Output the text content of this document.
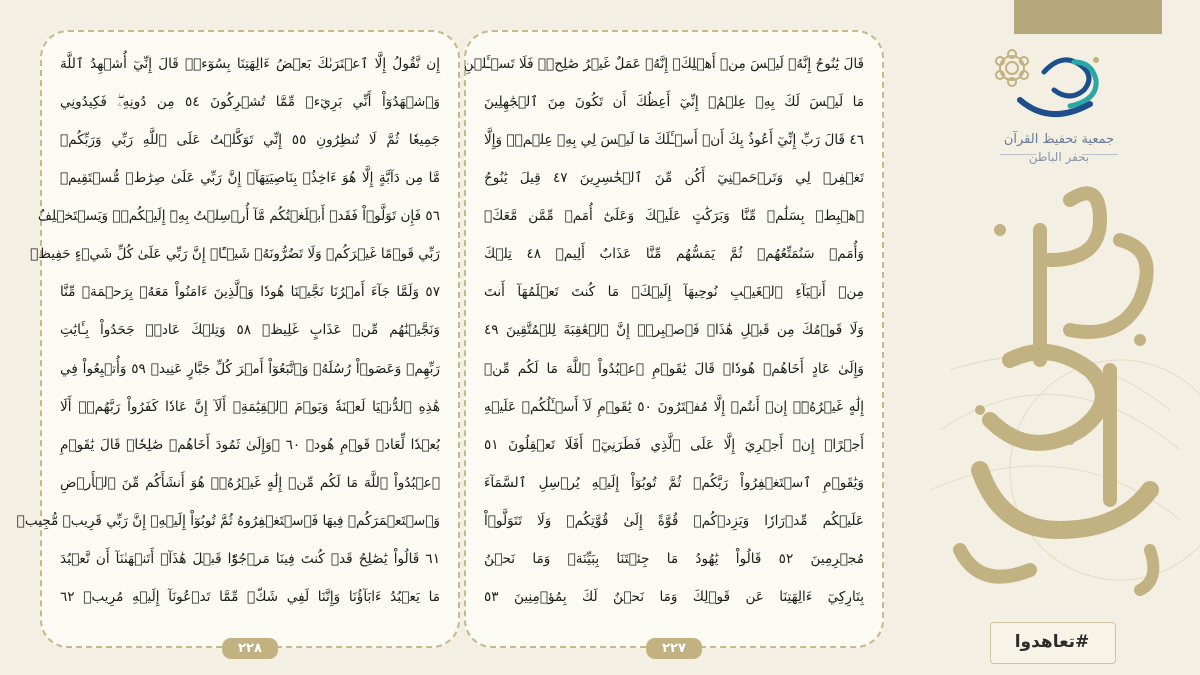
قَالَ يَٰنُوحُ إِنَّهُۥ لَيۡسَ مِنۡ أَهۡلِكَۖ إِنَّهُۥ عَمَلٌ غَيۡرُ صَٰلِحٖۖ فَلَا تَسۡـَٔلۡنِ
مَا لَيۡسَ لَكَ بِهِۦ عِلۡمٌۖ إِنِّيٓ أَعِظُكَ أَن تَكُونَ مِنَ ٱلۡجَٰهِلِينَ
٤٦ قَالَ رَبِّ إِنِّيٓ أَعُوذُ بِكَ أَنۡ أَسۡـَٔلَكَ مَا لَيۡسَ لِي بِهِۦ عِلۡمٞۖ وَإِلَّا
تَغۡفِرۡ لِي وَتَرۡحَمۡنِيٓ أَكُن مِّنَ ٱلۡخَٰسِرِينَ ٤٧ قِيلَ يَٰنُوحُ
ٱهۡبِطۡ بِسَلَٰمٖ مِّنَّا وَبَرَكَٰتٍ عَلَيۡكَ وَعَلَىٰٓ أُمَمٖ مِّمَّن مَّعَكَۚ
وَأُمَمٞ سَنُمَتِّعُهُمۡ ثُمَّ يَمَسُّهُم مِّنَّا عَذَابٌ أَلِيمٞ ٤٨ تِلۡكَ
مِنۡ أَنۢبَآءِ ٱلۡغَيۡبِ نُوحِيهَآ إِلَيۡكَۖ مَا كُنتَ تَعۡلَمُهَآ أَنتَ
وَلَا قَوۡمُكَ مِن قَبۡلِ هَٰذَاۖ فَٱصۡبِرۡۖ إِنَّ ٱلۡعَٰقِبَةَ لِلۡمُتَّقِينَ ٤٩
وَإِلَىٰ عَادٍ أَخَاهُمۡ هُودٗاۚ قَالَ يَٰقَوۡمِ ٱعۡبُدُواْ ٱللَّهَ مَا لَكُم مِّنۡ
إِلَٰهٍ غَيۡرُهُۥٓۖ إِنۡ أَنتُمۡ إِلَّا مُفۡتَرُونَ ٥٠ يَٰقَوۡمِ لَآ أَسۡـَٔلُكُمۡ عَلَيۡهِ
أَجۡرًاۖ إِنۡ أَجۡرِيَ إِلَّا عَلَى ٱلَّذِي فَطَرَنِيٓۚ أَفَلَا تَعۡقِلُونَ ٥١
وَيَٰقَوۡمِ ٱسۡتَغۡفِرُواْ رَبَّكُمۡ ثُمَّ تُوبُوٓاْ إِلَيۡهِ يُرۡسِلِ ٱلسَّمَآءَ
عَلَيۡكُم مِّدۡرَارٗا وَيَزِدۡكُمۡ قُوَّةً إِلَىٰ قُوَّتِكُمۡ وَلَا تَتَوَلَّوۡاْ
مُجۡرِمِينَ ٥٢ قَالُواْ يَٰهُودُ مَا جِئۡتَنَا بِبَيِّنَةٖ وَمَا نَحۡنُ
بِتَارِكِيٓ ءَالِهَتِنَا عَن قَوۡلِكَ وَمَا نَحۡنُ لَكَ بِمُؤۡمِنِينَ ٥٣
٢٢٧
إِن نَّقُولُ إِلَّا ٱعۡتَرَىٰكَ بَعۡضُ ءَالِهَتِنَا بِسُوٓءٖۗ قَالَ إِنِّيٓ أُشۡهِدُ ٱللَّهَ
وَٱشۡهَدُوٓاْ أَنِّي بَرِيٓءٞ مِّمَّا تُشۡرِكُونَ ٥٤ مِن دُونِهِۦۖ فَكِيدُونِي
جَمِيعٗا ثُمَّ لَا تُنظِرُونِ ٥٥ إِنِّي تَوَكَّلۡتُ عَلَى ٱللَّهِ رَبِّي وَرَبِّكُمۚ
مَّا مِن دَآبَّةٍ إِلَّا هُوَ ءَاخِذُۢ بِنَاصِيَتِهَآۚ إِنَّ رَبِّي عَلَىٰ صِرَٰطٖ مُّسۡتَقِيمٖ
٥٦ فَإِن تَوَلَّوۡاْ فَقَدۡ أَبۡلَغۡتُكُم مَّآ أُرۡسِلۡتُ بِهِۦٓ إِلَيۡكُمۡۚ وَيَسۡتَخۡلِفُ
رَبِّي قَوۡمًا غَيۡرَكُمۡ وَلَا تَضُرُّونَهُۥ شَيۡـًٔاۚ إِنَّ رَبِّي عَلَىٰ كُلِّ شَيۡءٍ حَفِيظٞ
٥٧ وَلَمَّا جَآءَ أَمۡرُنَا نَجَّيۡنَا هُودٗا وَٱلَّذِينَ ءَامَنُواْ مَعَهُۥ بِرَحۡمَةٖ مِّنَّا
وَنَجَّيۡنَٰهُم مِّنۡ عَذَابٍ غَلِيظٖ ٥٨ وَتِلۡكَ عَادٞۖ جَحَدُواْ بِـَٔايَٰتِ
رَبِّهِمۡ وَعَصَوۡاْ رُسُلَهُۥ وَٱتَّبَعُوٓاْ أَمۡرَ كُلِّ جَبَّارٍ عَنِيدٖ ٥٩ وَأُتۡبِعُواْ فِي
هَٰذِهِ ٱلدُّنۡيَا لَعۡنَةٗ وَيَوۡمَ ٱلۡقِيَٰمَةِۗ أَلَآ إِنَّ عَادٗا كَفَرُواْ رَبَّهُمۡۗ أَلَا
بُعۡدٗا لِّعَادٖ قَوۡمِ هُودٖ ٦٠ ۞وَإِلَىٰ ثَمُودَ أَخَاهُمۡ صَٰلِحٗاۚ قَالَ يَٰقَوۡمِ
ٱعۡبُدُواْ ٱللَّهَ مَا لَكُم مِّنۡ إِلَٰهٍ غَيۡرُهُۥۖ هُوَ أَنشَأَكُم مِّنَ ٱلۡأَرۡضِ
وَٱسۡتَعۡمَرَكُمۡ فِيهَا فَٱسۡتَغۡفِرُوهُ ثُمَّ تُوبُوٓاْ إِلَيۡهِۚ إِنَّ رَبِّي قَرِيبٞ مُّجِيبٞ
٦١ قَالُواْ يَٰصَٰلِحُ قَدۡ كُنتَ فِينَا مَرۡجُوّٗا قَبۡلَ هَٰذَآۖ أَتَنۡهَىٰنَآ أَن نَّعۡبُدَ
مَا يَعۡبُدُ ءَابَآؤُنَا وَإِنَّنَا لَفِي شَكّٖ مِّمَّا تَدۡعُونَآ إِلَيۡهِ مُرِيبٖ ٦٢
٢٢٨
جمعية تحفيظ القرآن
بحفر الباطن
#تعاهدوا
